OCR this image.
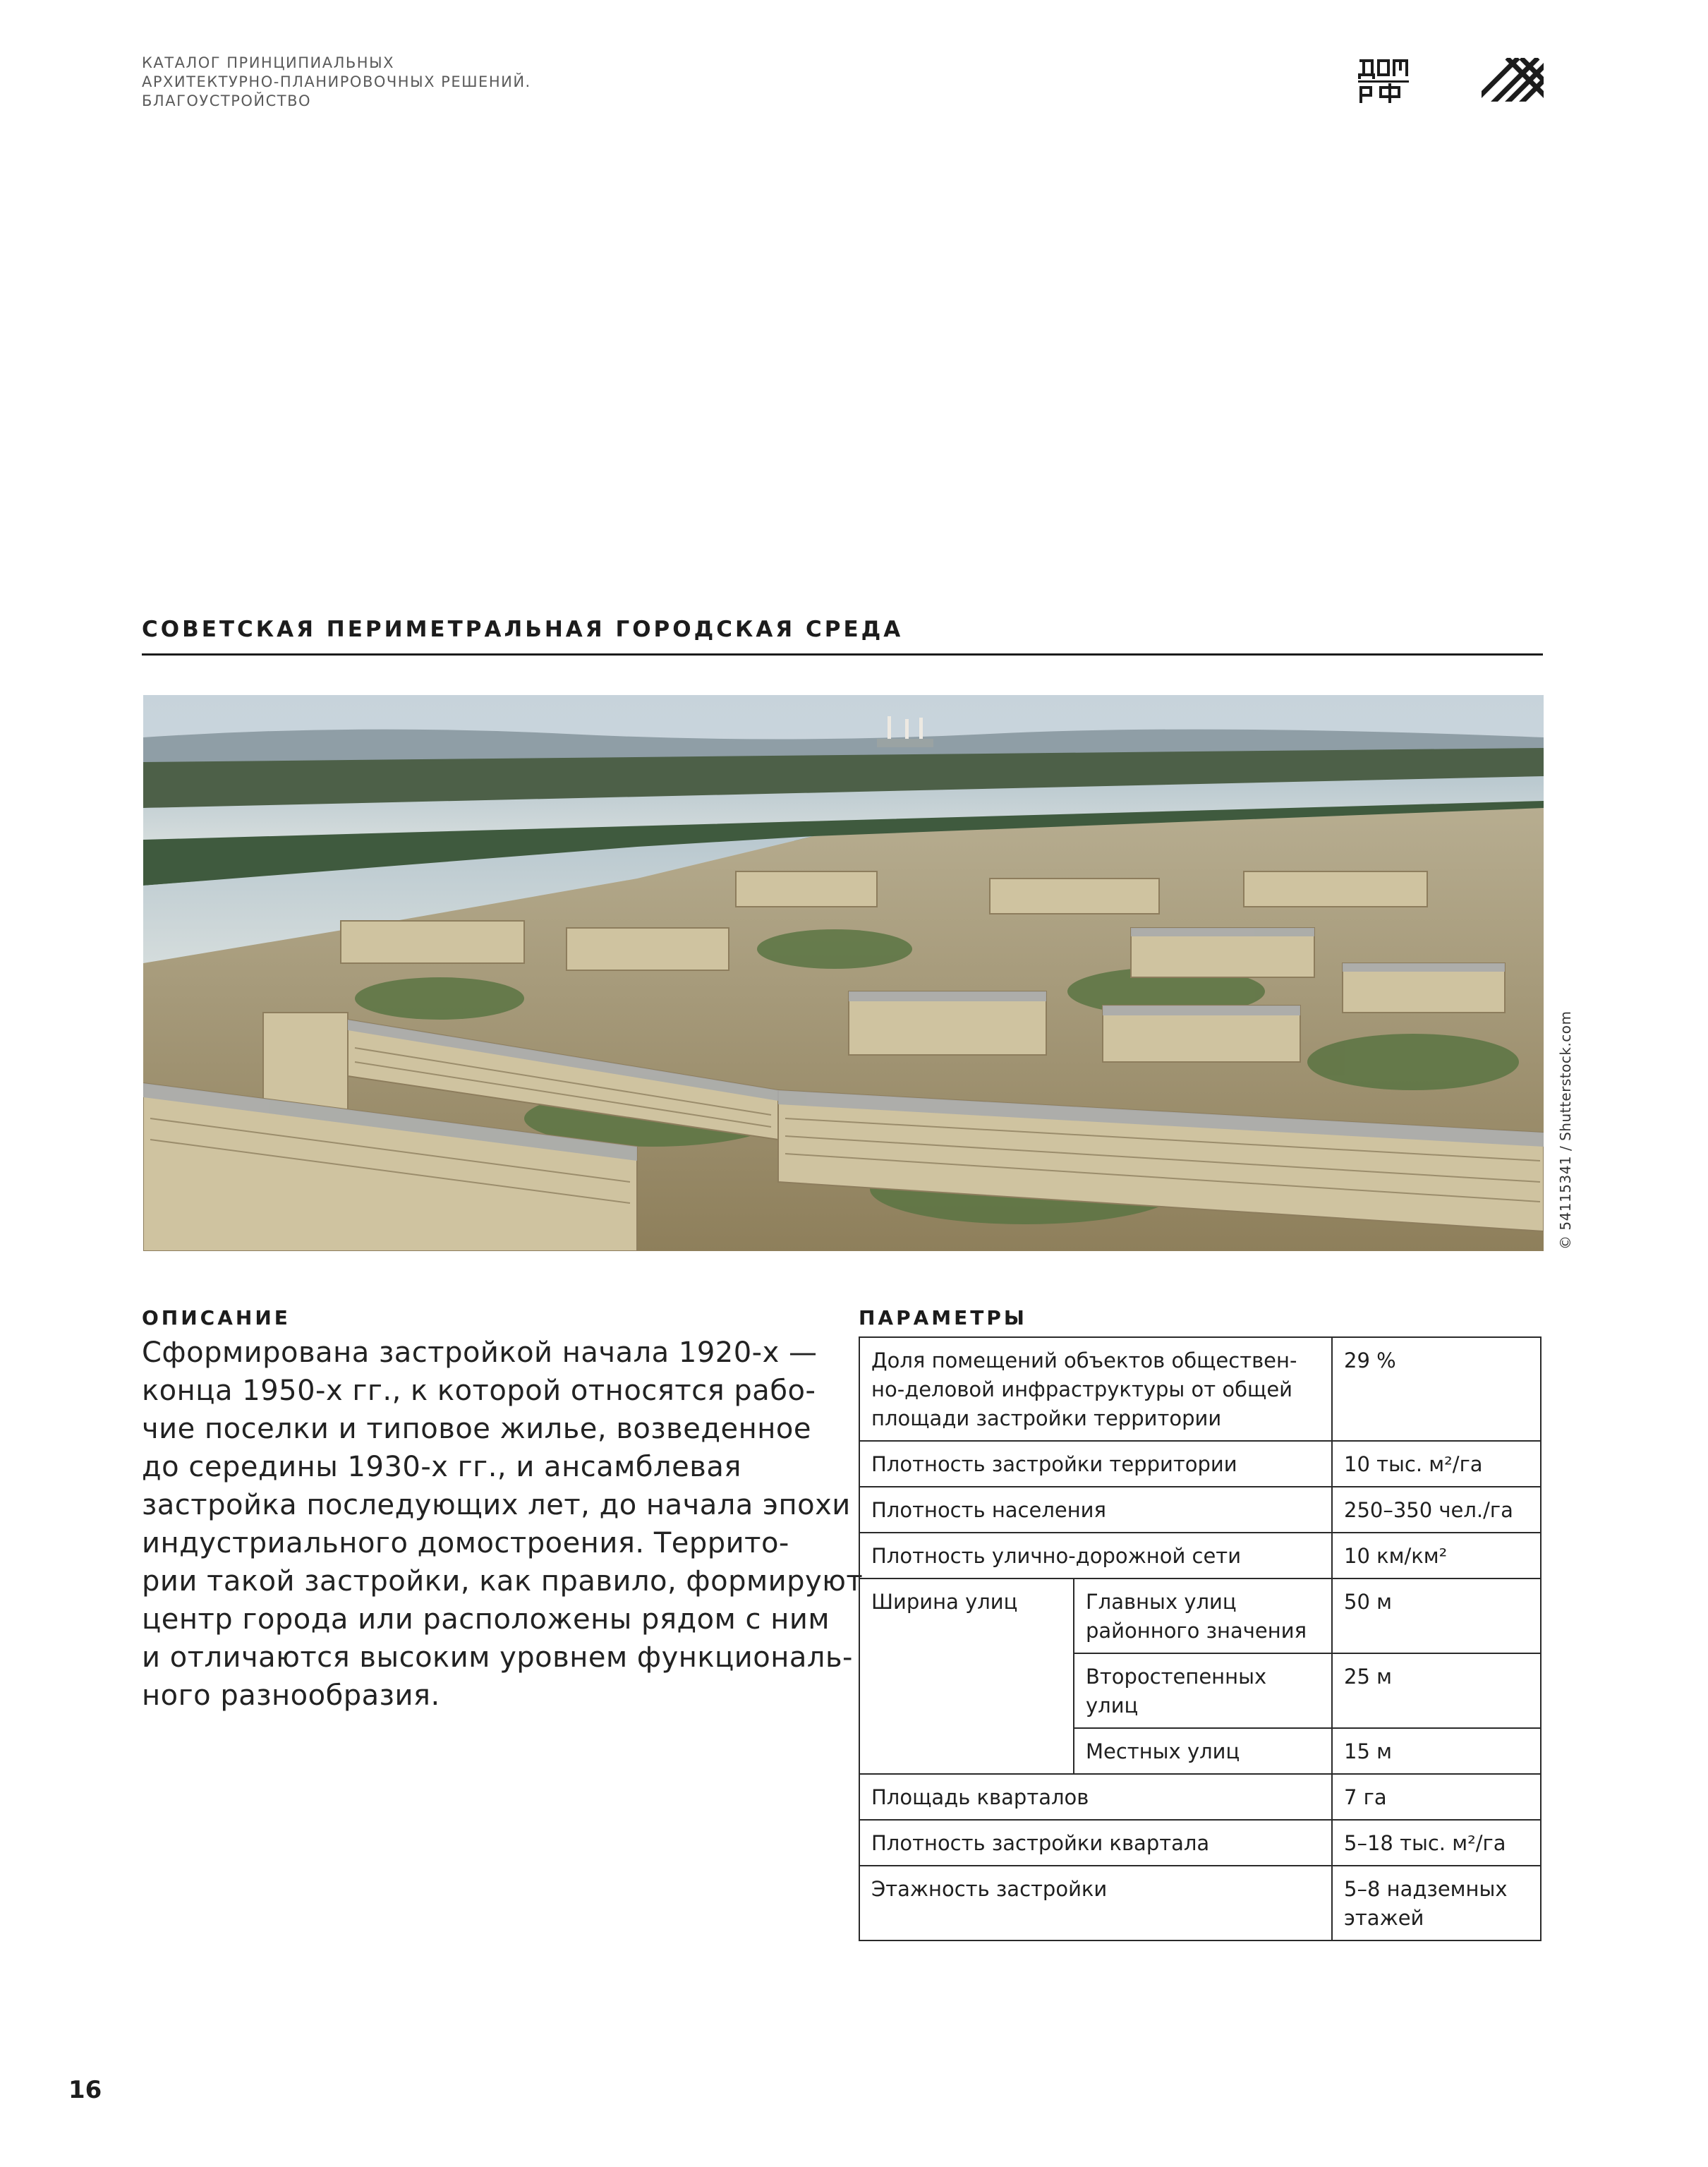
КАТАЛОГ ПРИНЦИПИАЛЬНЫХ
АРХИТЕКТУРНО-ПЛАНИРОВОЧНЫХ РЕШЕНИЙ.
БЛАГОУСТРОЙСТВО
СОВЕТСКАЯ ПЕРИМЕТРАЛЬНАЯ ГОРОДСКАЯ СРЕДА
© 54115341 / Shutterstock.com
ОПИСАНИЕ

Сформирована застройкой начала 1920-х —
конца 1950-х гг., к которой относятся рабо-
чие поселки и типовое жилье, возведенное
до середины 1930-х гг., и ансамблевая
застройка последующих лет, до начала эпохи
индустриального домостроения. Террито-
рии такой застройки, как правило, формируют
центр города или расположены рядом с ним
и отличаются высоким уровнем функциональ-
ного разнообразия.

ПАРАМЕТРЫ
Доля помещений объектов обществен-
но-деловой инфраструктуры от общей
площади застройки территории		29 %

Плотность застройки территории		10 тыс. м²/га
Плотность населения		250–350 чел./га
Плотность улично-дорожной сети		10 км/км²
Ширина улиц	Главных улиц
районного значения	50 м
	Второстепенных улиц	25 м
	Местных улиц	15 м
Площадь кварталов		7 га
Плотность застройки квартала		5–18 тыс. м²/га
Этажность застройки		5–8 надземных
этажей
16
